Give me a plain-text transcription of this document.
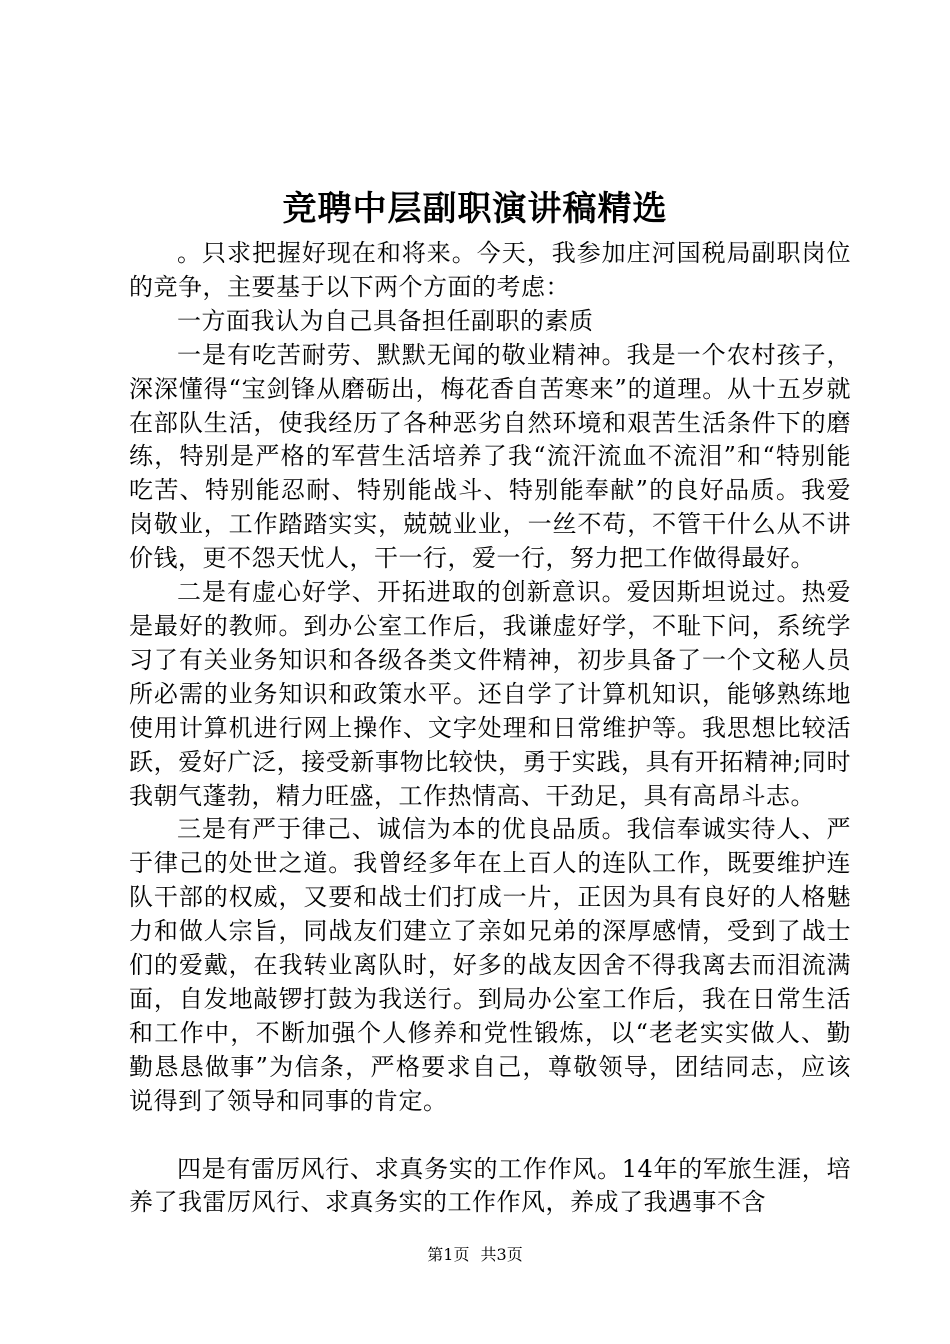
竞聘中层副职演讲稿精选

。只求把握好现在和将来。今天，我参加庄河国税局副职岗位的竞争，主要基于以下两个方面的考虑：

一方面我认为自己具备担任副职的素质

一是有吃苦耐劳、默默无闻的敬业精神。我是一个农村孩子，深深懂得“宝剑锋从磨砺出，梅花香自苦寒来”的道理。从十五岁就在部队生活，使我经历了各种恶劣自然环境和艰苦生活条件下的磨练，特别是严格的军营生活培养了我“流汗流血不流泪”和“特别能吃苦、特别能忍耐、特别能战斗、特别能奉献”的良好品质。我爱岗敬业，工作踏踏实实，兢兢业业，一丝不苟，不管干什么从不讲价钱，更不怨天忧人，干一行，爱一行，努力把工作做得最好。

二是有虚心好学、开拓进取的创新意识。爱因斯坦说过。热爱是最好的教师。到办公室工作后，我谦虚好学，不耻下问，系统学习了有关业务知识和各级各类文件精神，初步具备了一个文秘人员所必需的业务知识和政策水平。还自学了计算机知识，能够熟练地使用计算机进行网上操作、文字处理和日常维护等。我思想比较活跃，爱好广泛，接受新事物比较快，勇于实践，具有开拓精神;同时我朝气蓬勃，精力旺盛，工作热情高、干劲足，具有高昂斗志。

三是有严于律己、诚信为本的优良品质。我信奉诚实待人、严于律己的处世之道。我曾经多年在上百人的连队工作，既要维护连队干部的权威，又要和战士们打成一片，正因为具有良好的人格魅力和做人宗旨，同战友们建立了亲如兄弟的深厚感情，受到了战士们的爱戴，在我转业离队时，好多的战友因舍不得我离去而泪流满面，自发地敲锣打鼓为我送行。到局办公室工作后，我在日常生活和工作中，不断加强个人修养和党性锻炼，以“老老实实做人、勤勤恳恳做事”为信条，严格要求自己，尊敬领导，团结同志，应该说得到了领导和同事的肯定。

四是有雷厉风行、求真务实的工作作风。14年的军旅生涯，培养了我雷厉风行、求真务实的工作作风，养成了我遇事不含

第1页 共3页
